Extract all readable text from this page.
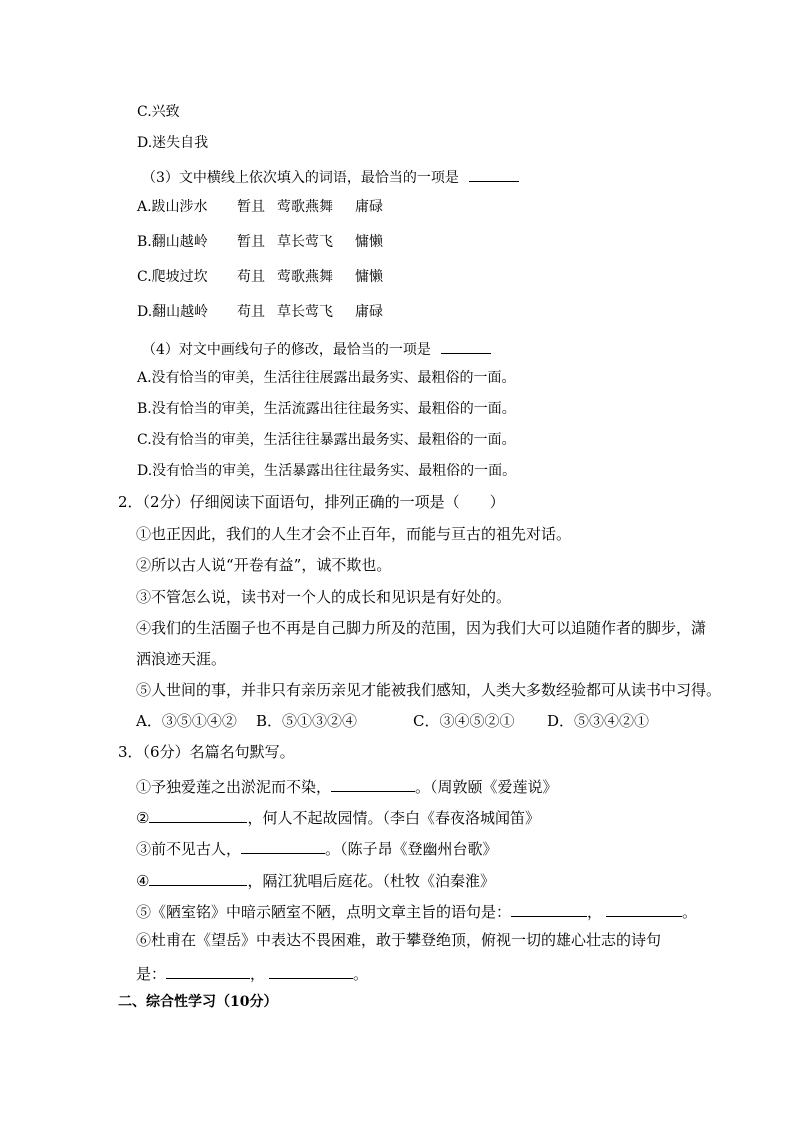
C.兴致
D.迷失自我
（3）文中横线上依次填入的词语，最恰当的一项是
A.跋山涉水 暂且 莺歌燕舞 庸碌
B.翻山越岭 暂且 草长莺飞 慵懒
C.爬坡过坎 苟且 莺歌燕舞 慵懒
D.翻山越岭 苟且 草长莺飞 庸碌
（4）对文中画线句子的修改，最恰当的一项是
A.没有恰当的审美，生活往往展露出最务实、最粗俗的一面。
B.没有恰当的审美，生活流露出往往最务实、最粗俗的一面。
C.没有恰当的审美，生活往往暴露出最务实、最粗俗的一面。
D.没有恰当的审美，生活暴露出往往最务实、最粗俗的一面。
2．（2分）仔细阅读下面语句，排列正确的一项是（　　）
①也正因此，我们的人生才会不止百年，而能与亘古的祖先对话。
②所以古人说“开卷有益”，诚不欺也。
③不管怎么说，读书对一个人的成长和见识是有好处的。
④我们的生活圈子也不再是自己脚力所及的范围，因为我们大可以追随作者的脚步，潇
洒浪迹天涯。
⑤人世间的事，并非只有亲历亲见才能被我们感知，人类大多数经验都可从读书中习得。
A．③⑤①④② B．⑤①③②④	C．③④⑤②① D．⑤③④②①
3．（6分）名篇名句默写。
①予独爱莲之出淤泥而不染，	。（周敦颐《爱莲说》
②	，何人不起故园情。（李白《春夜洛城闻笛》
③前不见古人，	。（陈子昂《登幽州台歌》
④	，隔江犹唱后庭花。（杜牧《泊秦淮》
⑤《陋室铭》中暗示陋室不陋，点明文章主旨的语句是：	，	。
⑥杜甫在《望岳》中表达不畏困难，敢于攀登绝顶，俯视一切的雄心壮志的诗句
是：	，	。
二、综合性学习（10分）
